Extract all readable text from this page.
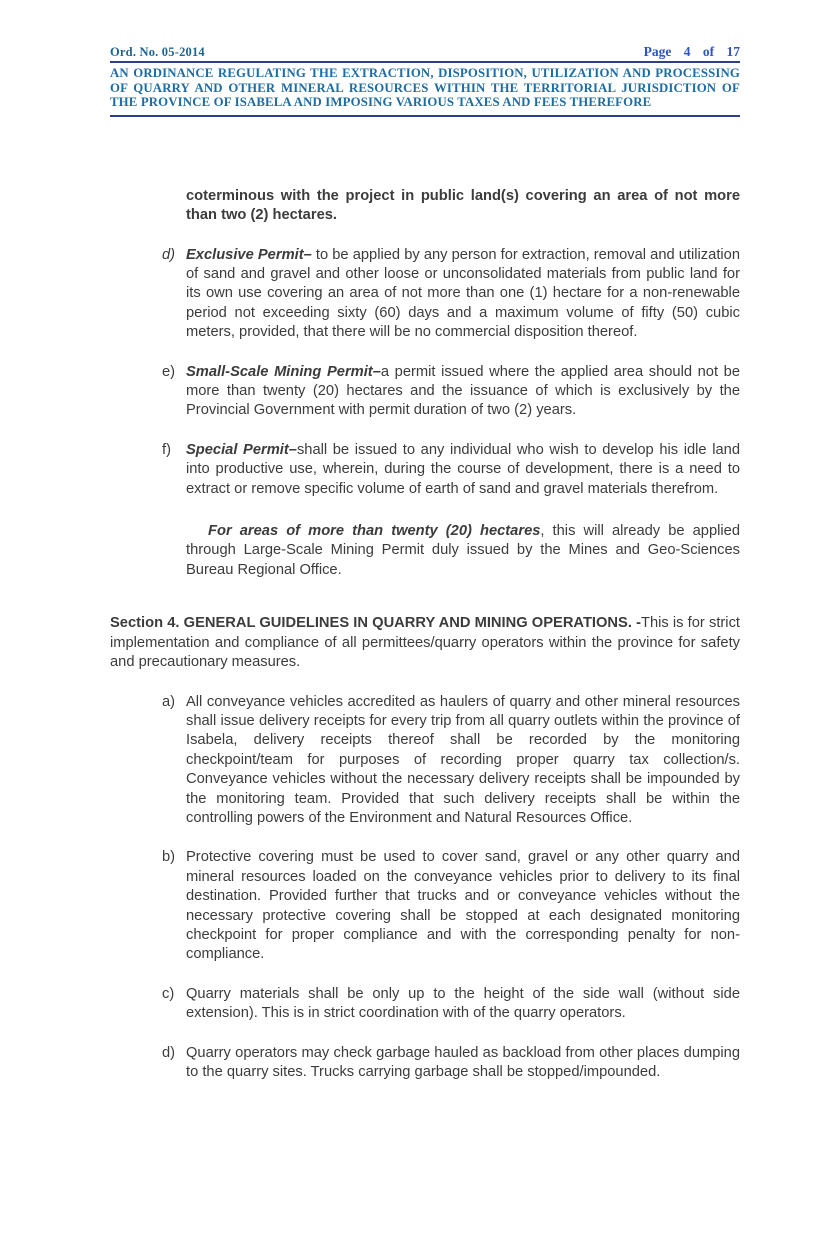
Ord. No. 05-2014	Page 4 of 17
AN ORDINANCE REGULATING THE EXTRACTION, DISPOSITION, UTILIZATION AND PROCESSING OF QUARRY AND OTHER MINERAL RESOURCES WITHIN THE TERRITORIAL JURISDICTION OF THE PROVINCE OF ISABELA AND IMPOSING VARIOUS TAXES AND FEES THEREFORE

coterminous with the project in public land(s) covering an area of not more than two (2) hectares.

d) Exclusive Permit– to be applied by any person for extraction, removal and utilization of sand and gravel and other loose or unconsolidated materials from public land for its own use covering an area of not more than one (1) hectare for a non-renewable period not exceeding sixty (60) days and a maximum volume of fifty (50) cubic meters, provided, that there will be no commercial disposition thereof.
e) Small-Scale Mining Permit–a permit issued where the applied area should not be more than twenty (20) hectares and the issuance of which is exclusively by the Provincial Government with permit duration of two (2) years.
f)	Special Permit–shall be issued to any individual who wish to develop his idle land into productive use, wherein, during the course of development, there is a need to extract or remove specific volume of earth of sand and gravel materials therefrom.

For areas of more than twenty (20) hectares, this will already be applied through Large-Scale Mining Permit duly issued by the Mines and Geo-Sciences Bureau Regional Office.

Section 4. GENERAL GUIDELINES IN QUARRY AND MINING OPERATIONS. -This is for strict implementation and compliance of all permittees/quarry operators within the province for safety and precautionary measures.

a) All conveyance vehicles accredited as haulers of quarry and other mineral resources shall issue delivery receipts for every trip from all quarry outlets within the province of Isabela, delivery receipts thereof shall be recorded by the monitoring checkpoint/team for purposes of recording proper quarry tax collection/s. Conveyance vehicles without the necessary delivery receipts shall be impounded by the monitoring team. Provided that such delivery receipts shall be within the controlling powers of the Environment and Natural Resources Office.
b) Protective covering must be used to cover sand, gravel or any other quarry and mineral resources loaded on the conveyance vehicles prior to delivery to its final destination. Provided further that trucks and or conveyance vehicles without the necessary protective covering shall be stopped at each designated monitoring checkpoint for proper compliance and with the corresponding penalty for non-compliance.
c) Quarry materials shall be only up to the height of the side wall (without side extension). This is in strict coordination with of the quarry operators.
d) Quarry operators may check garbage hauled as backload from other places dumping to the quarry sites. Trucks carrying garbage shall be stopped/impounded.
